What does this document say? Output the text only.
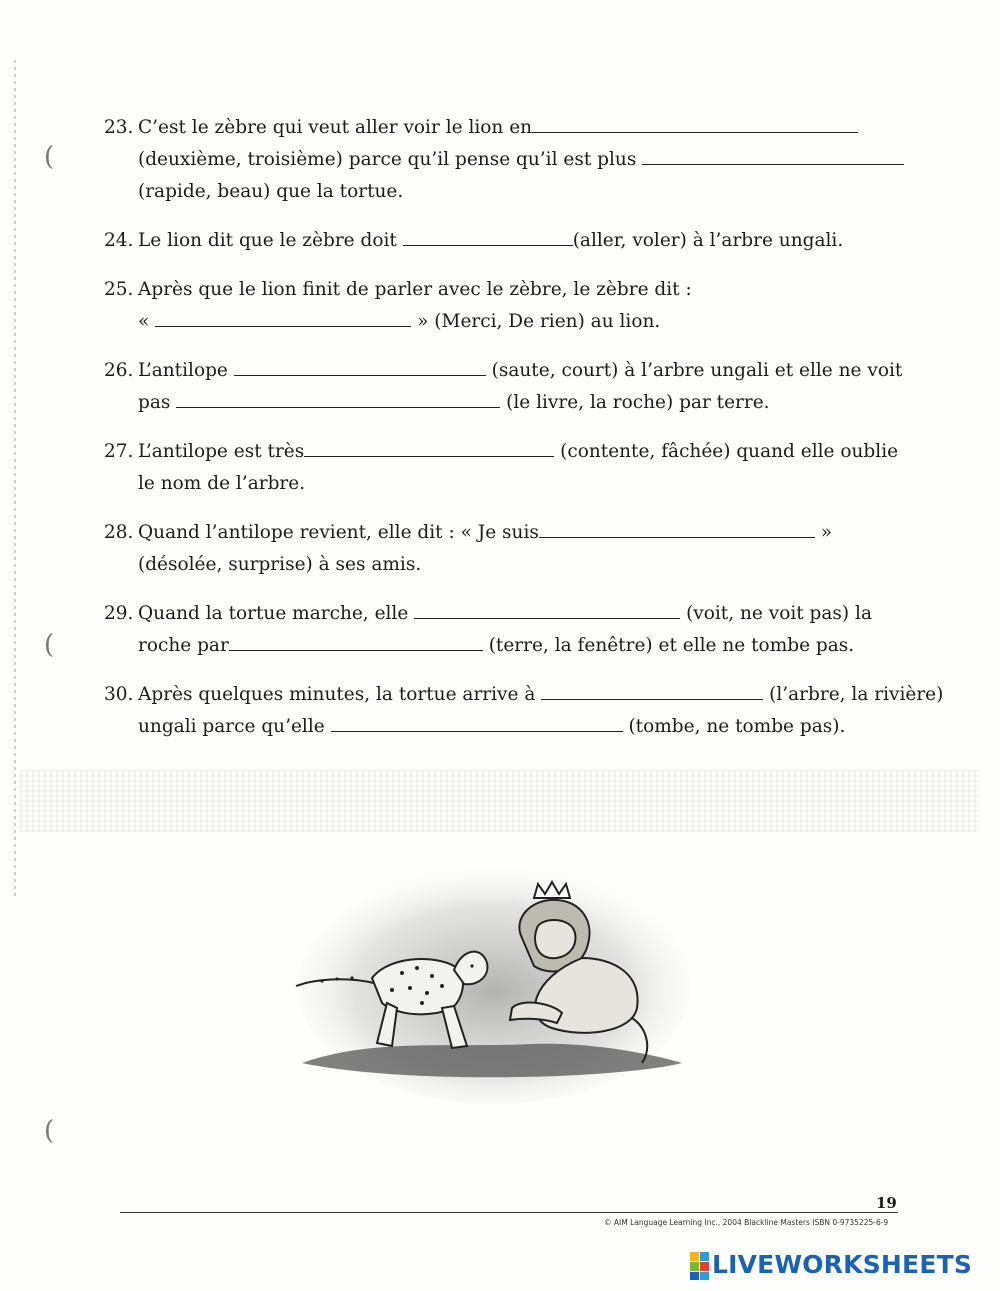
(
(
(
23. C’est le zèbre qui veut aller voir le lion en
(deuxième, troisième) parce qu’il pense qu’il est plus
(rapide, beau) que la tortue.
24. Le lion dit que le zèbre doit	(aller, voler) à l’arbre ungali.
25. Après que le lion finit de parler avec le zèbre, le zèbre dit :
«	» (Merci, De rien) au lion.
26. L’antilope	(saute, court) à l’arbre ungali et elle ne voit
pas	(le livre, la roche) par terre.
27. L’antilope est très	(contente, fâchée) quand elle oublie
le nom de l’arbre.
28. Quand l’antilope revient, elle dit : « Je suis	»
(désolée, surprise) à ses amis.
29. Quand la tortue marche, elle	(voit, ne voit pas) la
roche par	(terre, la fenêtre) et elle ne tombe pas.
30. Après quelques minutes, la tortue arrive à	(l’arbre, la rivière)
ungali parce qu’elle	(tombe, ne tombe pas).
19
© AIM Language Learning Inc., 2004 Blackline Masters ISBN 0-9735225-6-9
LIVEWORKSHEETS
